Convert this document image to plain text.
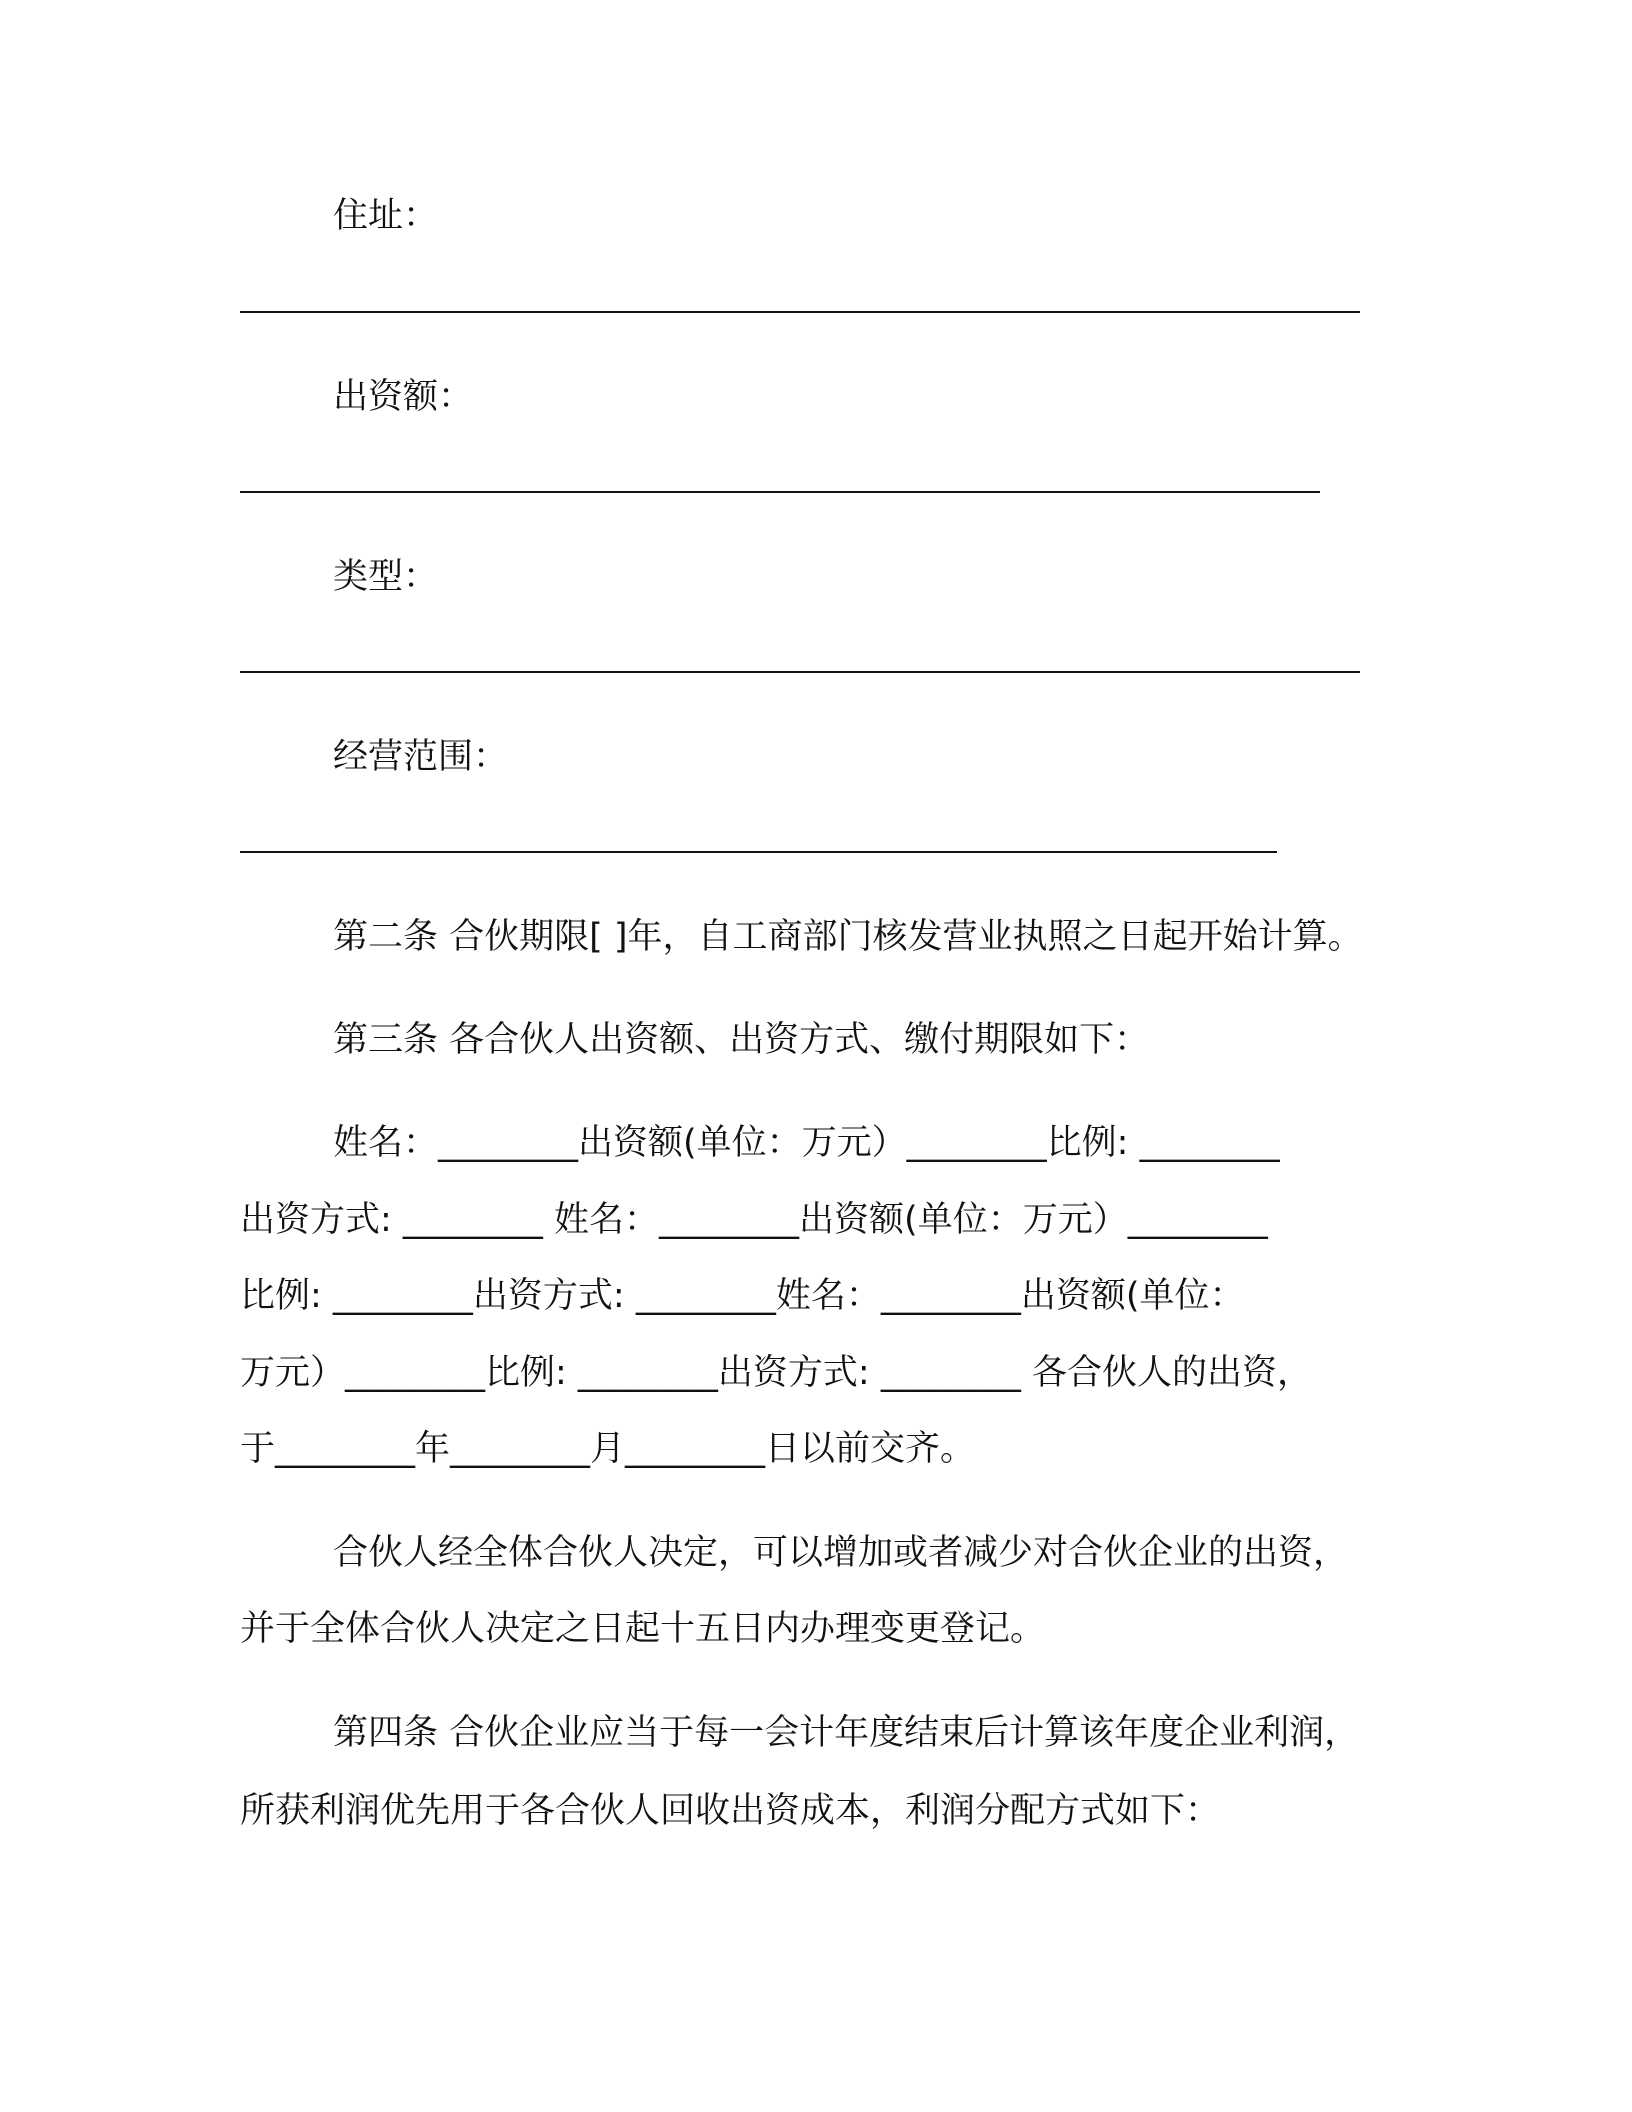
住址：
出资额：
类型：
经营范围：
第二条 合伙期限[ ]年，自工商部门核发营业执照之日起开始计算。
第三条 各合伙人出资额、出资方式、缴付期限如下：
姓名：________出资额(单位：万元）________比例: ________
出资方式: ________ 姓名：________出资额(单位：万元）________
比例: ________出资方式: ________姓名：________出资额(单位：
万元）________比例: ________出资方式: ________ 各合伙人的出资，
于________年________月________日以前交齐。
合伙人经全体合伙人决定，可以增加或者减少对合伙企业的出资，
并于全体合伙人决定之日起十五日内办理变更登记。
第四条 合伙企业应当于每一会计年度结束后计算该年度企业利润，
所获利润优先用于各合伙人回收出资成本，利润分配方式如下：
